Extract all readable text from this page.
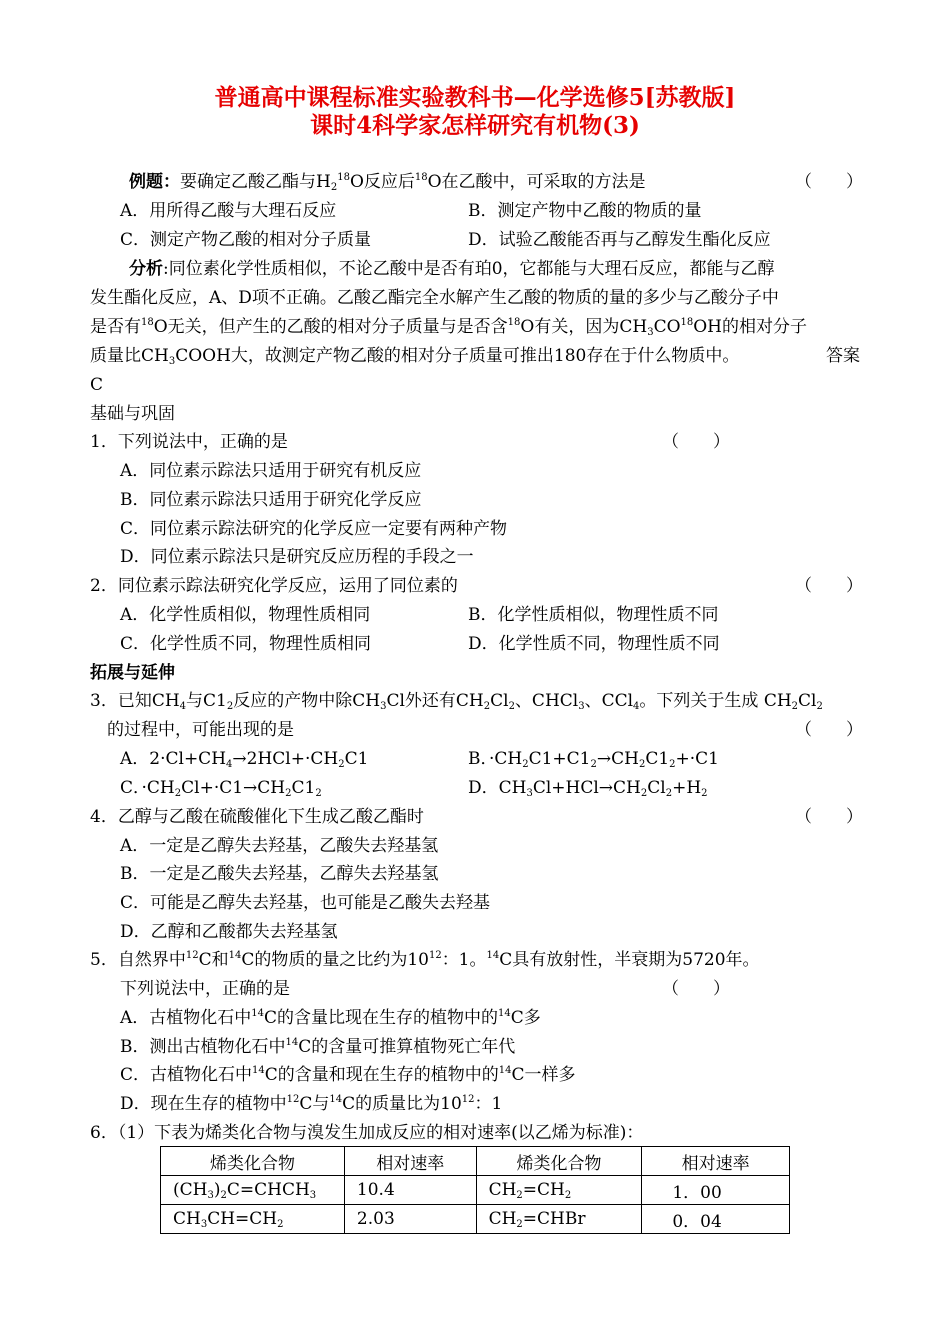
普通高中课程标准实验教科书—化学选修5[苏教版]
课时4科学家怎样研究有机物(3)
例题：要确定乙酸乙酯与$H_2^{18}O$反应后$^{18}$O在乙酸中，可采取的方法是	（　　）
A．用所得乙酸与大理石反应	B．测定产物中乙酸的物质的量
C．测定产物乙酸的相对分子质量	D．试验乙酸能否再与乙醇发生酯化反应
分析:同位素化学性质相似，不论乙酸中是否有珀0，它都能与大理石反应，都能与乙醇
发生酯化反应，A、D项不正确。乙酸乙酯完全水解产生乙酸的物质的量的多少与乙酸分子中
是否有$^{18}$O无关，但产生的乙酸的相对分子质量与是否含$^{18}$O有关，因为$CH_3CO^{18}OH$的相对分子
质量比$CH_3COOH$大，故测定产物乙酸的相对分子质量可推出180存在于什么物质中。	答案
C
基础与巩固
1．下列说法中，正确的是	（　　）
A．同位素示踪法只适用于研究有机反应
B．同位素示踪法只适用于研究化学反应
C．同位素示踪法研究的化学反应一定要有两种产物
D．同位素示踪法只是研究反应历程的手段之一
2．同位素示踪法研究化学反应，运用了同位素的	（　　）
A．化学性质相似，物理性质相同	B．化学性质相似，物理性质不同
C．化学性质不同，物理性质相同	D．化学性质不同，物理性质不同
拓展与延伸
3．已知$CH_4$与$C1_2$反应的产物中除$CH_3Cl$外还有$CH_2Cl_2$、CHCl$_3$、CCl$_4$。下列关于生成 $CH_2Cl_2$
的过程中，可能出现的是	（　　）
A．$2\cdot Cl+CH_4\to 2HCl+\cdot CH_2C1$	B．$\cdot CH_2C1+C1_2\to CH_2C1_2+\cdot C1$
C．$\cdot CH_2Cl+\cdot C1\to CH_2C1_2$	D．$CH_3Cl+HCl\to CH_2Cl_2+H_2$
4．乙醇与乙酸在硫酸催化下生成乙酸乙酯时	（　　）
A．一定是乙醇失去羟基，乙酸失去羟基氢
B．一定是乙酸失去羟基，乙醇失去羟基氢
C．可能是乙醇失去羟基，也可能是乙酸失去羟基
D．乙醇和乙酸都失去羟基氢
5．自然界中$^{12}$C和$^{14}$C的物质的量之比约为$10^{12}$：1。$^{14}$C具有放射性，半衰期为5720年。
下列说法中，正确的是	（　　）
A．古植物化石中$^{14}$C的含量比现在生存的植物中的$^{14}$C多
B．测出古植物化石中$^{14}$C的含量可推算植物死亡年代
C．古植物化石中$^{14}$C的含量和现在生存的植物中的$^{14}$C一样多
D．现在生存的植物中$^{12}$C与$^{14}$C的质量比为$10^{12}$：1
6．（1）下表为烯类化合物与溴发生加成反应的相对速率(以乙烯为标准)：
烯类化合物	相对速率	烯类化合物	相对速率
$(CH_3)_2C=CHCH_3$	10.4	$CH_2=CH_2$	1．00
$CH_3CH=CH_2$	2.03	$CH_2=CHBr$	0．04
